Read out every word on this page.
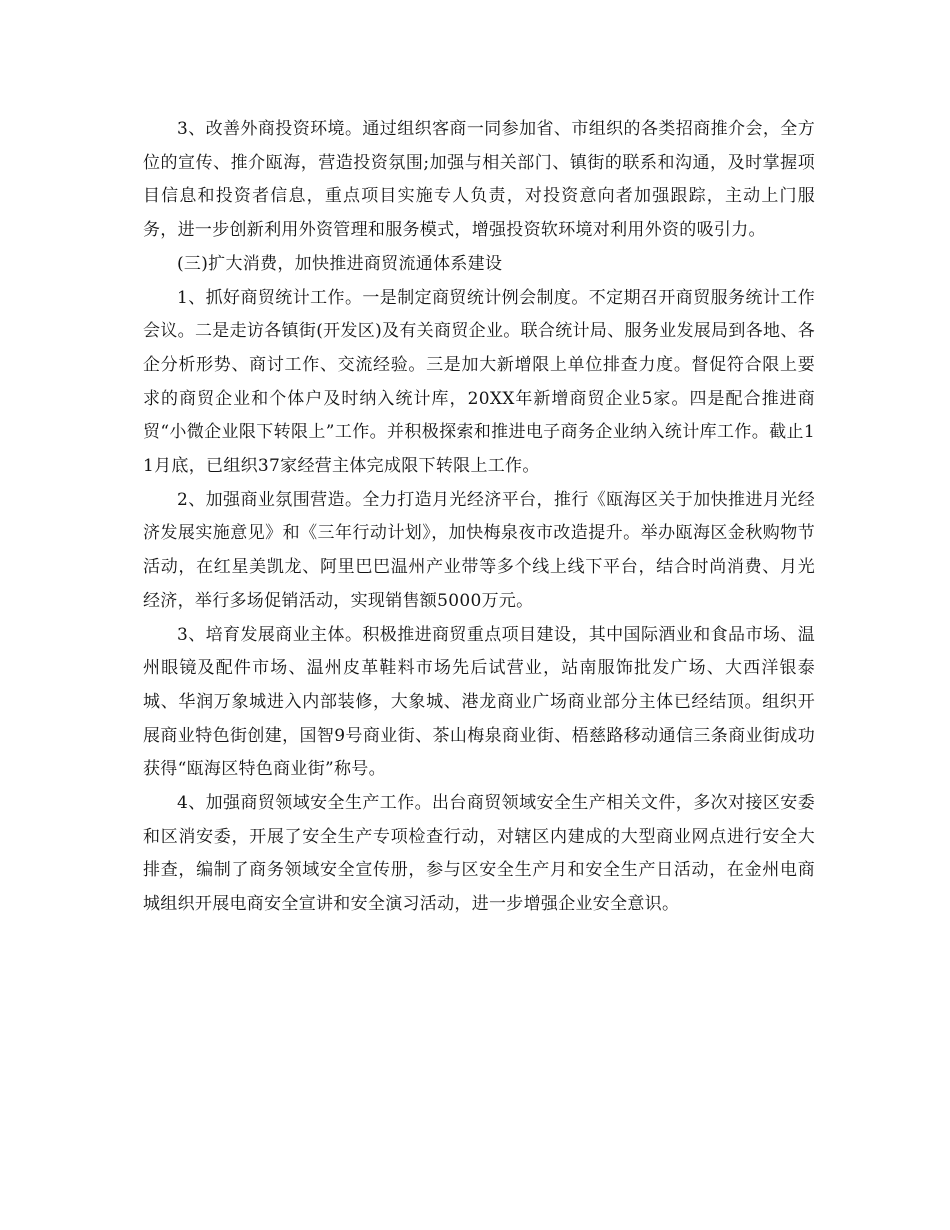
3、改善外商投资环境。通过组织客商一同参加省、市组织的各类招商推介会，全方位的宣传、推介瓯海，营造投资氛围;加强与相关部门、镇街的联系和沟通，及时掌握项目信息和投资者信息，重点项目实施专人负责，对投资意向者加强跟踪，主动上门服务，进一步创新利用外资管理和服务模式，增强投资软环境对利用外资的吸引力。

(三)扩大消费，加快推进商贸流通体系建设

1、抓好商贸统计工作。一是制定商贸统计例会制度。不定期召开商贸服务统计工作会议。二是走访各镇街(开发区)及有关商贸企业。联合统计局、服务业发展局到各地、各企分析形势、商讨工作、交流经验。三是加大新增限上单位排查力度。督促符合限上要求的商贸企业和个体户及时纳入统计库，20XX年新增商贸企业5家。四是配合推进商贸“小微企业限下转限上”工作。并积极探索和推进电子商务企业纳入统计库工作。截止11月底，已组织37家经营主体完成限下转限上工作。

2、加强商业氛围营造。全力打造月光经济平台，推行《瓯海区关于加快推进月光经济发展实施意见》和《三年行动计划》，加快梅泉夜市改造提升。举办瓯海区金秋购物节活动，在红星美凯龙、阿里巴巴温州产业带等多个线上线下平台，结合时尚消费、月光经济，举行多场促销活动，实现销售额5000万元。

3、培育发展商业主体。积极推进商贸重点项目建设，其中国际酒业和食品市场、温州眼镜及配件市场、温州皮革鞋料市场先后试营业，站南服饰批发广场、大西洋银泰城、华润万象城进入内部装修，大象城、港龙商业广场商业部分主体已经结顶。组织开展商业特色街创建，国智9号商业街、茶山梅泉商业街、梧慈路移动通信三条商业街成功获得“瓯海区特色商业街”称号。

4、加强商贸领域安全生产工作。出台商贸领域安全生产相关文件，多次对接区安委和区消安委，开展了安全生产专项检查行动，对辖区内建成的大型商业网点进行安全大排查，编制了商务领域安全宣传册，参与区安全生产月和安全生产日活动，在金州电商城组织开展电商安全宣讲和安全演习活动，进一步增强企业安全意识。
